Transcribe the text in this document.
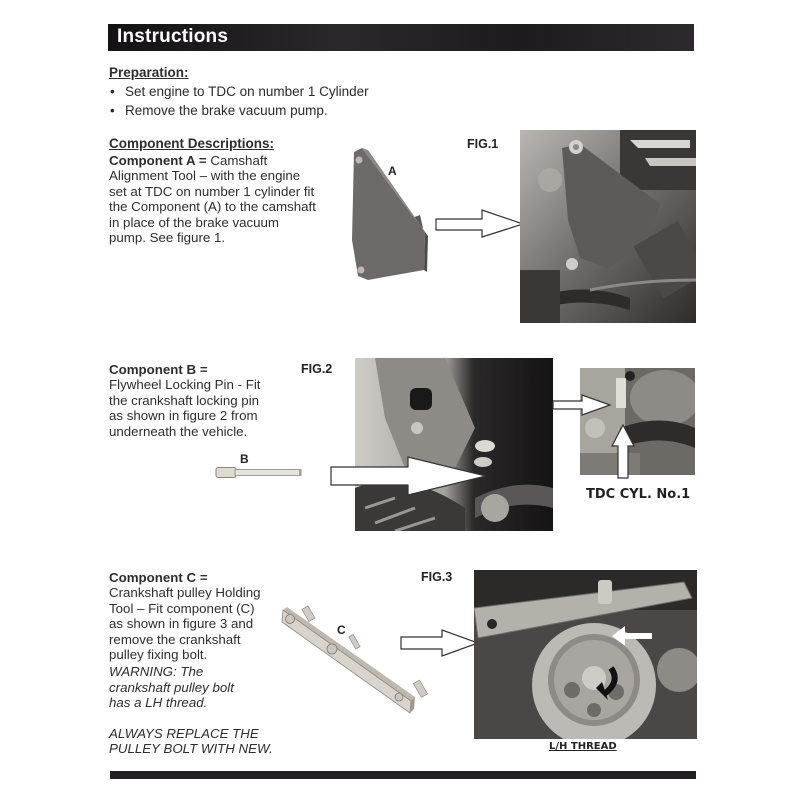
Instructions
Preparation:
• Set engine to TDC on number 1 Cylinder
• Remove the brake vacuum pump.
Component Descriptions:
Component A = Camshaft
Alignment Tool – with the engine
set at TDC on number 1 cylinder fit
the Component (A) to the camshaft
in place of the brake vacuum
pump. See figure 1.
A
FIG.1
Component B =
Flywheel Locking Pin - Fit
the crankshaft locking pin
as shown in figure 2 from
underneath the vehicle.
B
FIG.2
TDC CYL. No.1
Component C =
Crankshaft pulley Holding
Tool – Fit component (C)
as shown in figure 3 and
remove the crankshaft
pulley fixing bolt.
WARNING: The
crankshaft pulley bolt
has a LH thread.
ALWAYS REPLACE THE
PULLEY BOLT WITH NEW.
C
FIG.3
L/H THREAD
